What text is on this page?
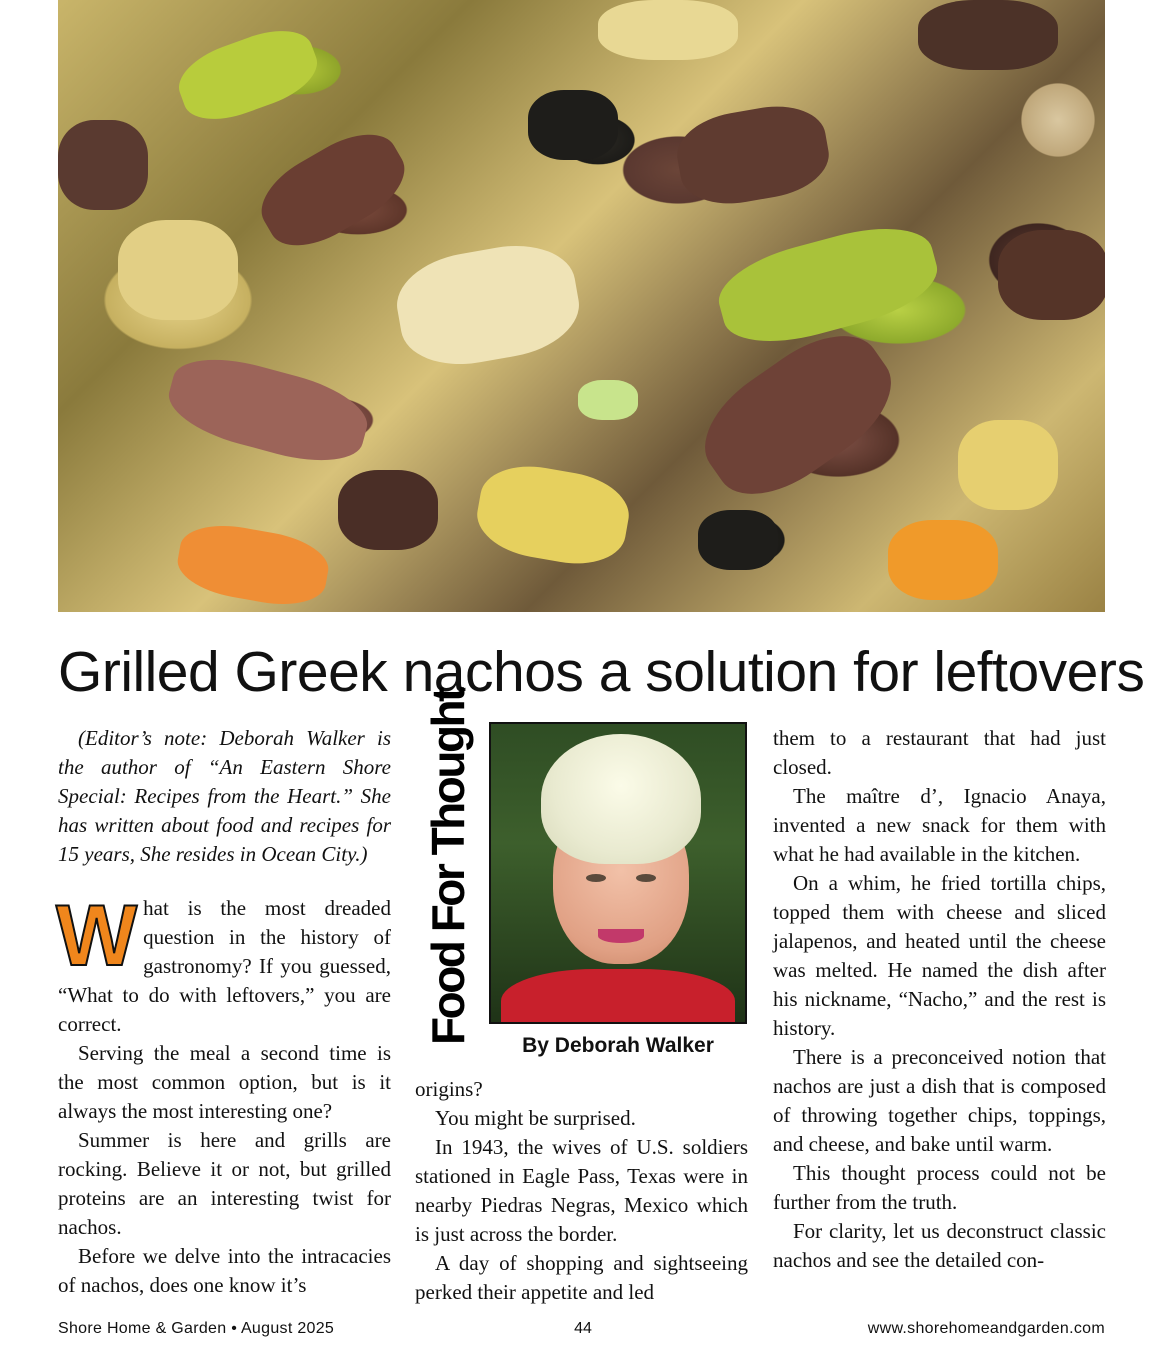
Grilled Greek nachos a solution for leftovers

(Editor’s note: Deborah Walker is the author of “An Eastern Shore Special: Recipes from the Heart.” She has written about food and recipes for 15 years, She resides in Ocean City.)

What is the most dreaded question in the history of gastronomy? If you guessed, “What to do with leftovers,” you are correct.

Serving the meal a second time is the most common option, but is it always the most interesting one?

Summer is here and grills are rocking. Believe it or not, but grilled proteins are an interesting twist for nachos.

Before we delve into the intracacies of nachos, does one know it’s

Food For Thought
By Deborah Walker

origins?

You might be surprised.

In 1943, the wives of U.S. soldiers stationed in Eagle Pass, Texas were in nearby Piedras Negras, Mexico which is just across the border.

A day of shopping and sightseeing perked their appetite and led

them to a restaurant that had just closed.

The maître d’, Ignacio Anaya, invented a new snack for them with what he had available in the kitchen.

On a whim, he fried tortilla chips, topped them with cheese and sliced jalapenos, and heated until the cheese was melted. He named the dish after his nickname, “Nacho,” and the rest is history.

There is a preconceived notion that nachos are just a dish that is composed of throwing together chips, toppings, and cheese, and bake until warm.

This thought process could not be further from the truth.

For clarity, let us deconstruct classic nachos and see the detailed con-

Shore Home & Garden • August 2025	44	www.shorehomeandgarden.com
